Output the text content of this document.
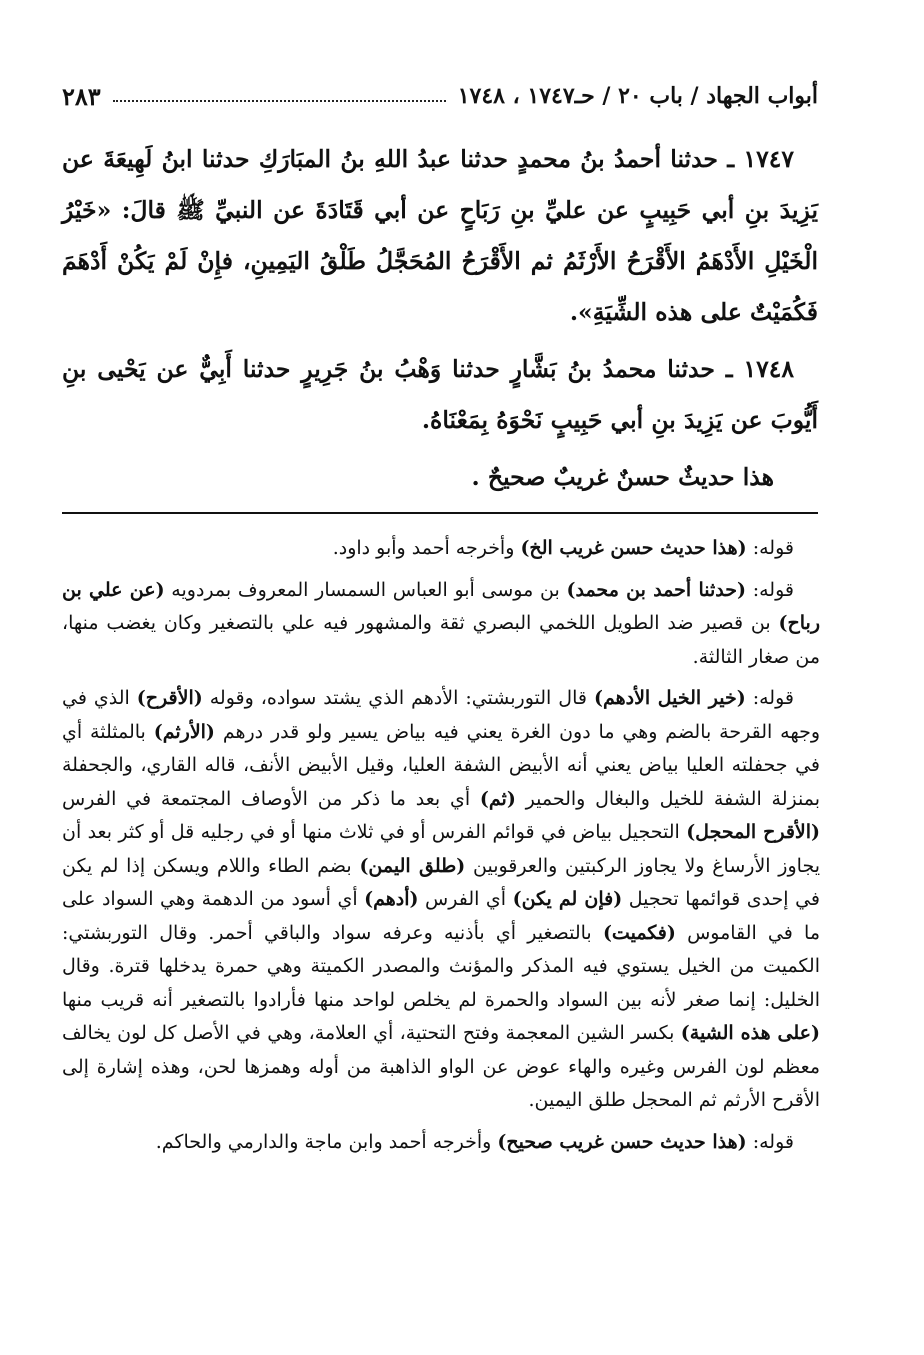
أبواب الجهاد / باب ٢٠ / حـ١٧٤٧ ، ١٧٤٨
٢٨٣

١٧٤٧ ـ حدثنا أحمدُ بنُ محمدٍ حدثنا عبدُ اللهِ بنُ المبَارَكِ حدثنا ابنُ لَهِيعَةَ عن يَزِيدَ بنِ أبي حَبِيبٍ عن عليِّ بنِ رَبَاحٍ عن أبي قَتَادَةَ عن النبيِّ ﷺ قالَ: «خَيْرُ الْخَيْلِ الأَدْهَمُ الأَقْرَحُ الأَرْثَمُ ثم الأَقْرَحُ المُحَجَّلُ طَلْقُ اليَمِينِ، فإِنْ لَمْ يَكُنْ أَدْهَمَ فَكُمَيْتٌ على هذه الشِّيَةِ».

١٧٤٨ ـ حدثنا محمدُ بنُ بَشَّارٍ حدثنا وَهْبُ بنُ جَرِيرٍ حدثنا أَبِيٌّ عن يَحْيى بنِ أَيُّوبَ عن يَزِيدَ بنِ أبي حَبِيبٍ نَحْوَهُ بِمَعْنَاهُ.

هذا حديثٌ حسنٌ غريبٌ صحيحٌ .

قوله: (هذا حديث حسن غريب الخ) وأخرجه أحمد وأبو داود.

قوله: (حدثنا أحمد بن محمد) بن موسى أبو العباس السمسار المعروف بمردويه (عن علي بن رباح) بن قصير ضد الطويل اللخمي البصري ثقة والمشهور فيه علي بالتصغير وكان يغضب منها، من صغار الثالثة.

قوله: (خير الخيل الأدهم) قال التوربشتي: الأدهم الذي يشتد سواده، وقوله (الأقرح) الذي في وجهه القرحة بالضم وهي ما دون الغرة يعني فيه بياض يسير ولو قدر درهم (الأرثم) بالمثلثة أي في جحفلته العليا بياض يعني أنه الأبيض الشفة العليا، وقيل الأبيض الأنف، قاله القاري، والجحفلة بمنزلة الشفة للخيل والبغال والحمير (ثم) أي بعد ما ذكر من الأوصاف المجتمعة في الفرس (الأقرح المحجل) التحجيل بياض في قوائم الفرس أو في ثلاث منها أو في رجليه قل أو كثر بعد أن يجاوز الأرساغ ولا يجاوز الركبتين والعرقوبين (طلق اليمن) بضم الطاء واللام ويسكن إذا لم يكن في إحدى قوائمها تحجيل (فإن لم يكن) أي الفرس (أدهم) أي أسود من الدهمة وهي السواد على ما في القاموس (فكميت) بالتصغير أي بأذنيه وعرفه سواد والباقي أحمر. وقال التوربشتي: الكميت من الخيل يستوي فيه المذكر والمؤنث والمصدر الكميتة وهي حمرة يدخلها قترة. وقال الخليل: إنما صغر لأنه بين السواد والحمرة لم يخلص لواحد منها فأرادوا بالتصغير أنه قريب منها (على هذه الشية) بكسر الشين المعجمة وفتح التحتية، أي العلامة، وهي في الأصل كل لون يخالف معظم لون الفرس وغيره والهاء عوض عن الواو الذاهبة من أوله وهمزها لحن، وهذه إشارة إلى الأقرح الأرثم ثم المحجل طلق اليمين.

قوله: (هذا حديث حسن غريب صحيح) وأخرجه أحمد وابن ماجة والدارمي والحاكم.
